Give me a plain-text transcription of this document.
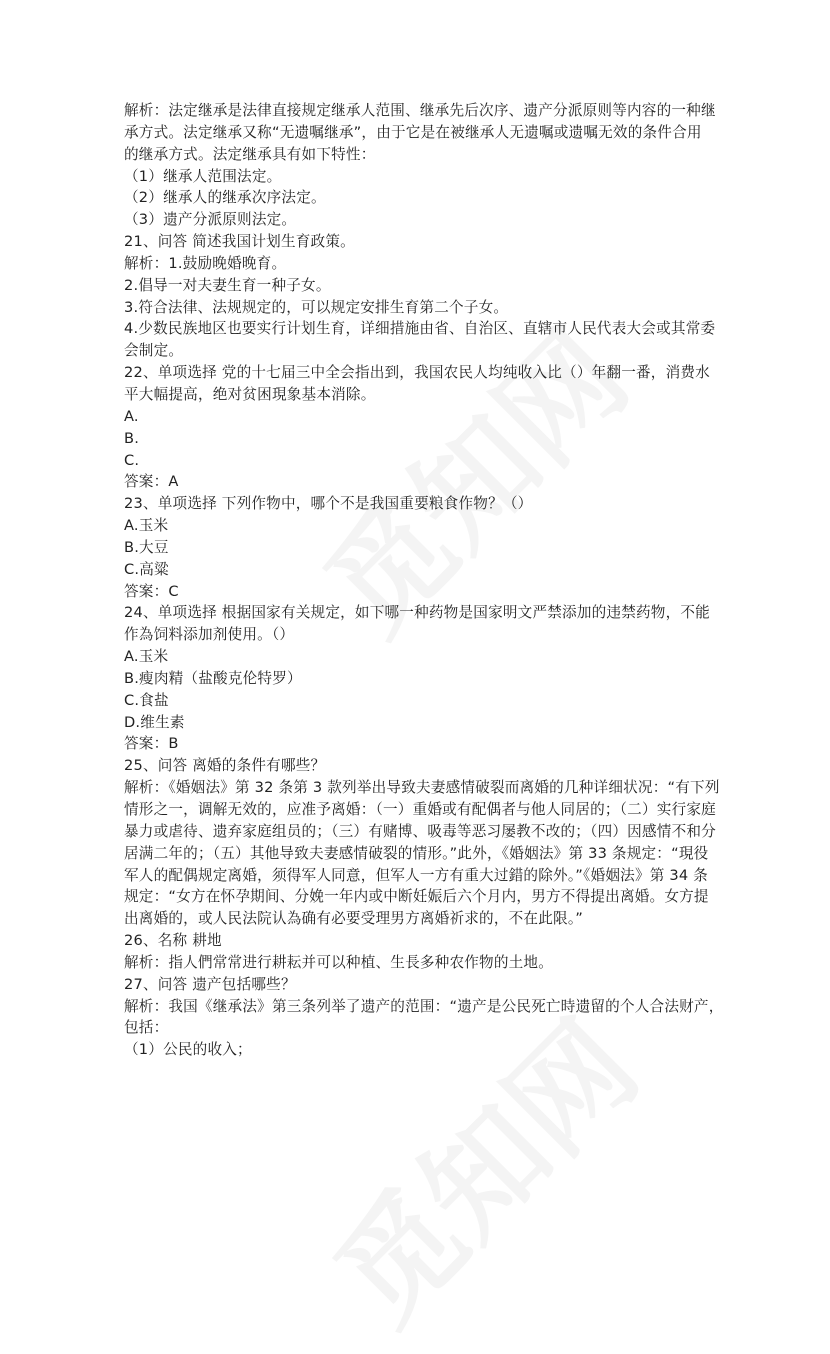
解析：法定继承是法律直接规定继承人范围、继承先后次序、遗产分派原则等内容的一种继
承方式。法定继承又称“无遗嘱继承”，由于它是在被继承人无遗嘱或遗嘱无效的条件合用
的继承方式。法定继承具有如下特性：
（1）继承人范围法定。
（2）继承人的继承次序法定。
（3）遗产分派原则法定。
21、问答 简述我国计划生育政策。
解析：1.鼓励晚婚晚育。
2.倡导一对夫妻生育一种子女。
3.符合法律、法规规定的，可以规定安排生育第二个子女。
4.少数民族地区也要实行计划生育，详细措施由省、自治区、直辖市人民代表大会或其常委
会制定。
22、单项选择 党的十七届三中全会指出到，我国农民人均纯收入比（）年翻一番，消费水
平大幅提高，绝对贫困現象基本消除。
A.
B.
C.
答案：A
23、单项选择 下列作物中，哪个不是我国重要粮食作物？（）
A.玉米
B.大豆
C.高粱
答案：C
24、单项选择 根据国家有关规定，如下哪一种药物是国家明文严禁添加的违禁药物，不能
作為饲料添加剂使用。（）
A.玉米
B.瘦肉精（盐酸克伦特罗）
C.食盐
D.维生素
答案：B
25、问答 离婚的条件有哪些？
解析：《婚姻法》第 32 条第 3 款列举出导致夫妻感情破裂而离婚的几种详细状况：“有下列
情形之一，调解无效的，应准予离婚：（一）重婚或有配偶者与他人同居的；（二）实行家庭
暴力或虐待、遗弃家庭组员的；（三）有赌博、吸毒等恶习屡教不改的；（四）因感情不和分
居满二年的；（五）其他导致夫妻感情破裂的情形。”此外，《婚姻法》第 33 条规定：“現役
军人的配偶规定离婚，须得军人同意，但军人一方有重大过錯的除外。”《婚姻法》第 34 条
规定：“女方在怀孕期间、分娩一年内或中断妊娠后六个月内，男方不得提出离婚。女方提
出离婚的，或人民法院认為确有必要受理男方离婚祈求的，不在此限。”
26、名称 耕地
解析：指人們常常进行耕耘并可以种植、生長多种农作物的土地。
27、问答 遗产包括哪些？
解析：我国《继承法》第三条列举了遗产的范围：“遗产是公民死亡時遗留的个人合法财产，
包括：
（1）公民的收入；
